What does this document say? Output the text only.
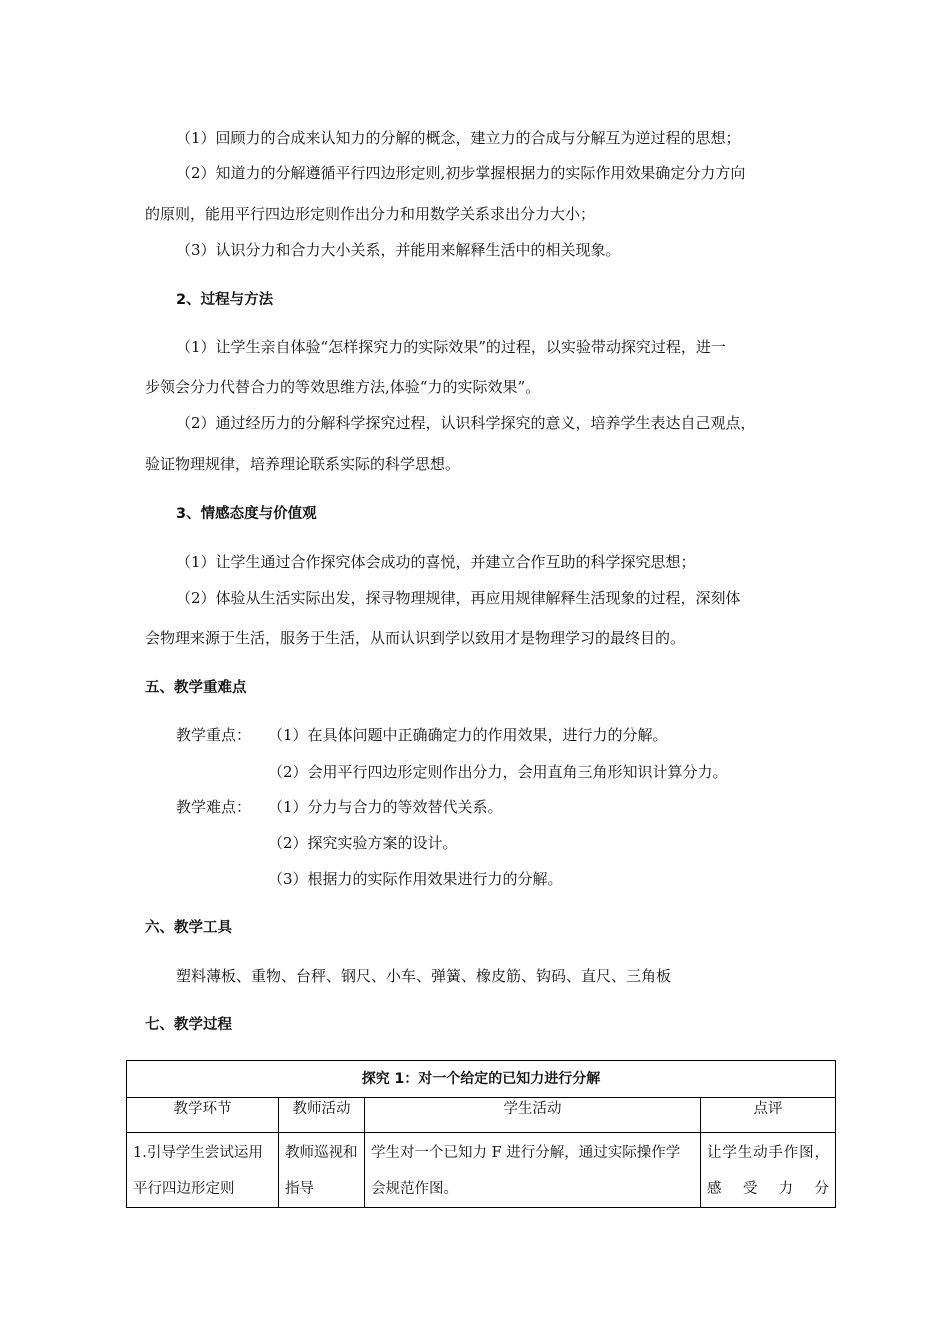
（1）回顾力的合成来认知力的分解的概念，建立力的合成与分解互为逆过程的思想；
（2）知道力的分解遵循平行四边形定则,初步掌握根据力的实际作用效果确定分力方向
的原则，能用平行四边形定则作出分力和用数学关系求出分力大小；
（3）认识分力和合力大小关系，并能用来解释生活中的相关现象。
2、过程与方法
（1）让学生亲自体验“怎样探究力的实际效果”的过程，以实验带动探究过程，进一
步领会分力代替合力的等效思维方法,体验“力的实际效果”。
（2）通过经历力的分解科学探究过程，认识科学探究的意义，培养学生表达自己观点，
验证物理规律，培养理论联系实际的科学思想。
3、情感态度与价值观
（1）让学生通过合作探究体会成功的喜悦，并建立合作互助的科学探究思想；
（2）体验从生活实际出发，探寻物理规律，再应用规律解释生活现象的过程，深刻体
会物理来源于生活，服务于生活，从而认识到学以致用才是物理学习的最终目的。
五、教学重难点
教学重点： （1）在具体问题中正确确定力的作用效果，进行力的分解。
（2）会用平行四边形定则作出分力，会用直角三角形知识计算分力。
教学难点： （1）分力与合力的等效替代关系。
（2）探究实验方案的设计。
（3）根据力的实际作用效果进行力的分解。
六、教学工具
塑料薄板、重物、台秤、钢尺、小车、弹簧、橡皮筋、钩码、直尺、三角板
七、教学过程
探究 1：对一个给定的已知力进行分解			
教学环节	教师活动	学生活动	点评
1.引导学生尝试运用平行四边形定则	教师巡视和指导	学生对一个已知力 F 进行分解，通过实际操作学会规范作图。	让学生动手作图，感受力分
